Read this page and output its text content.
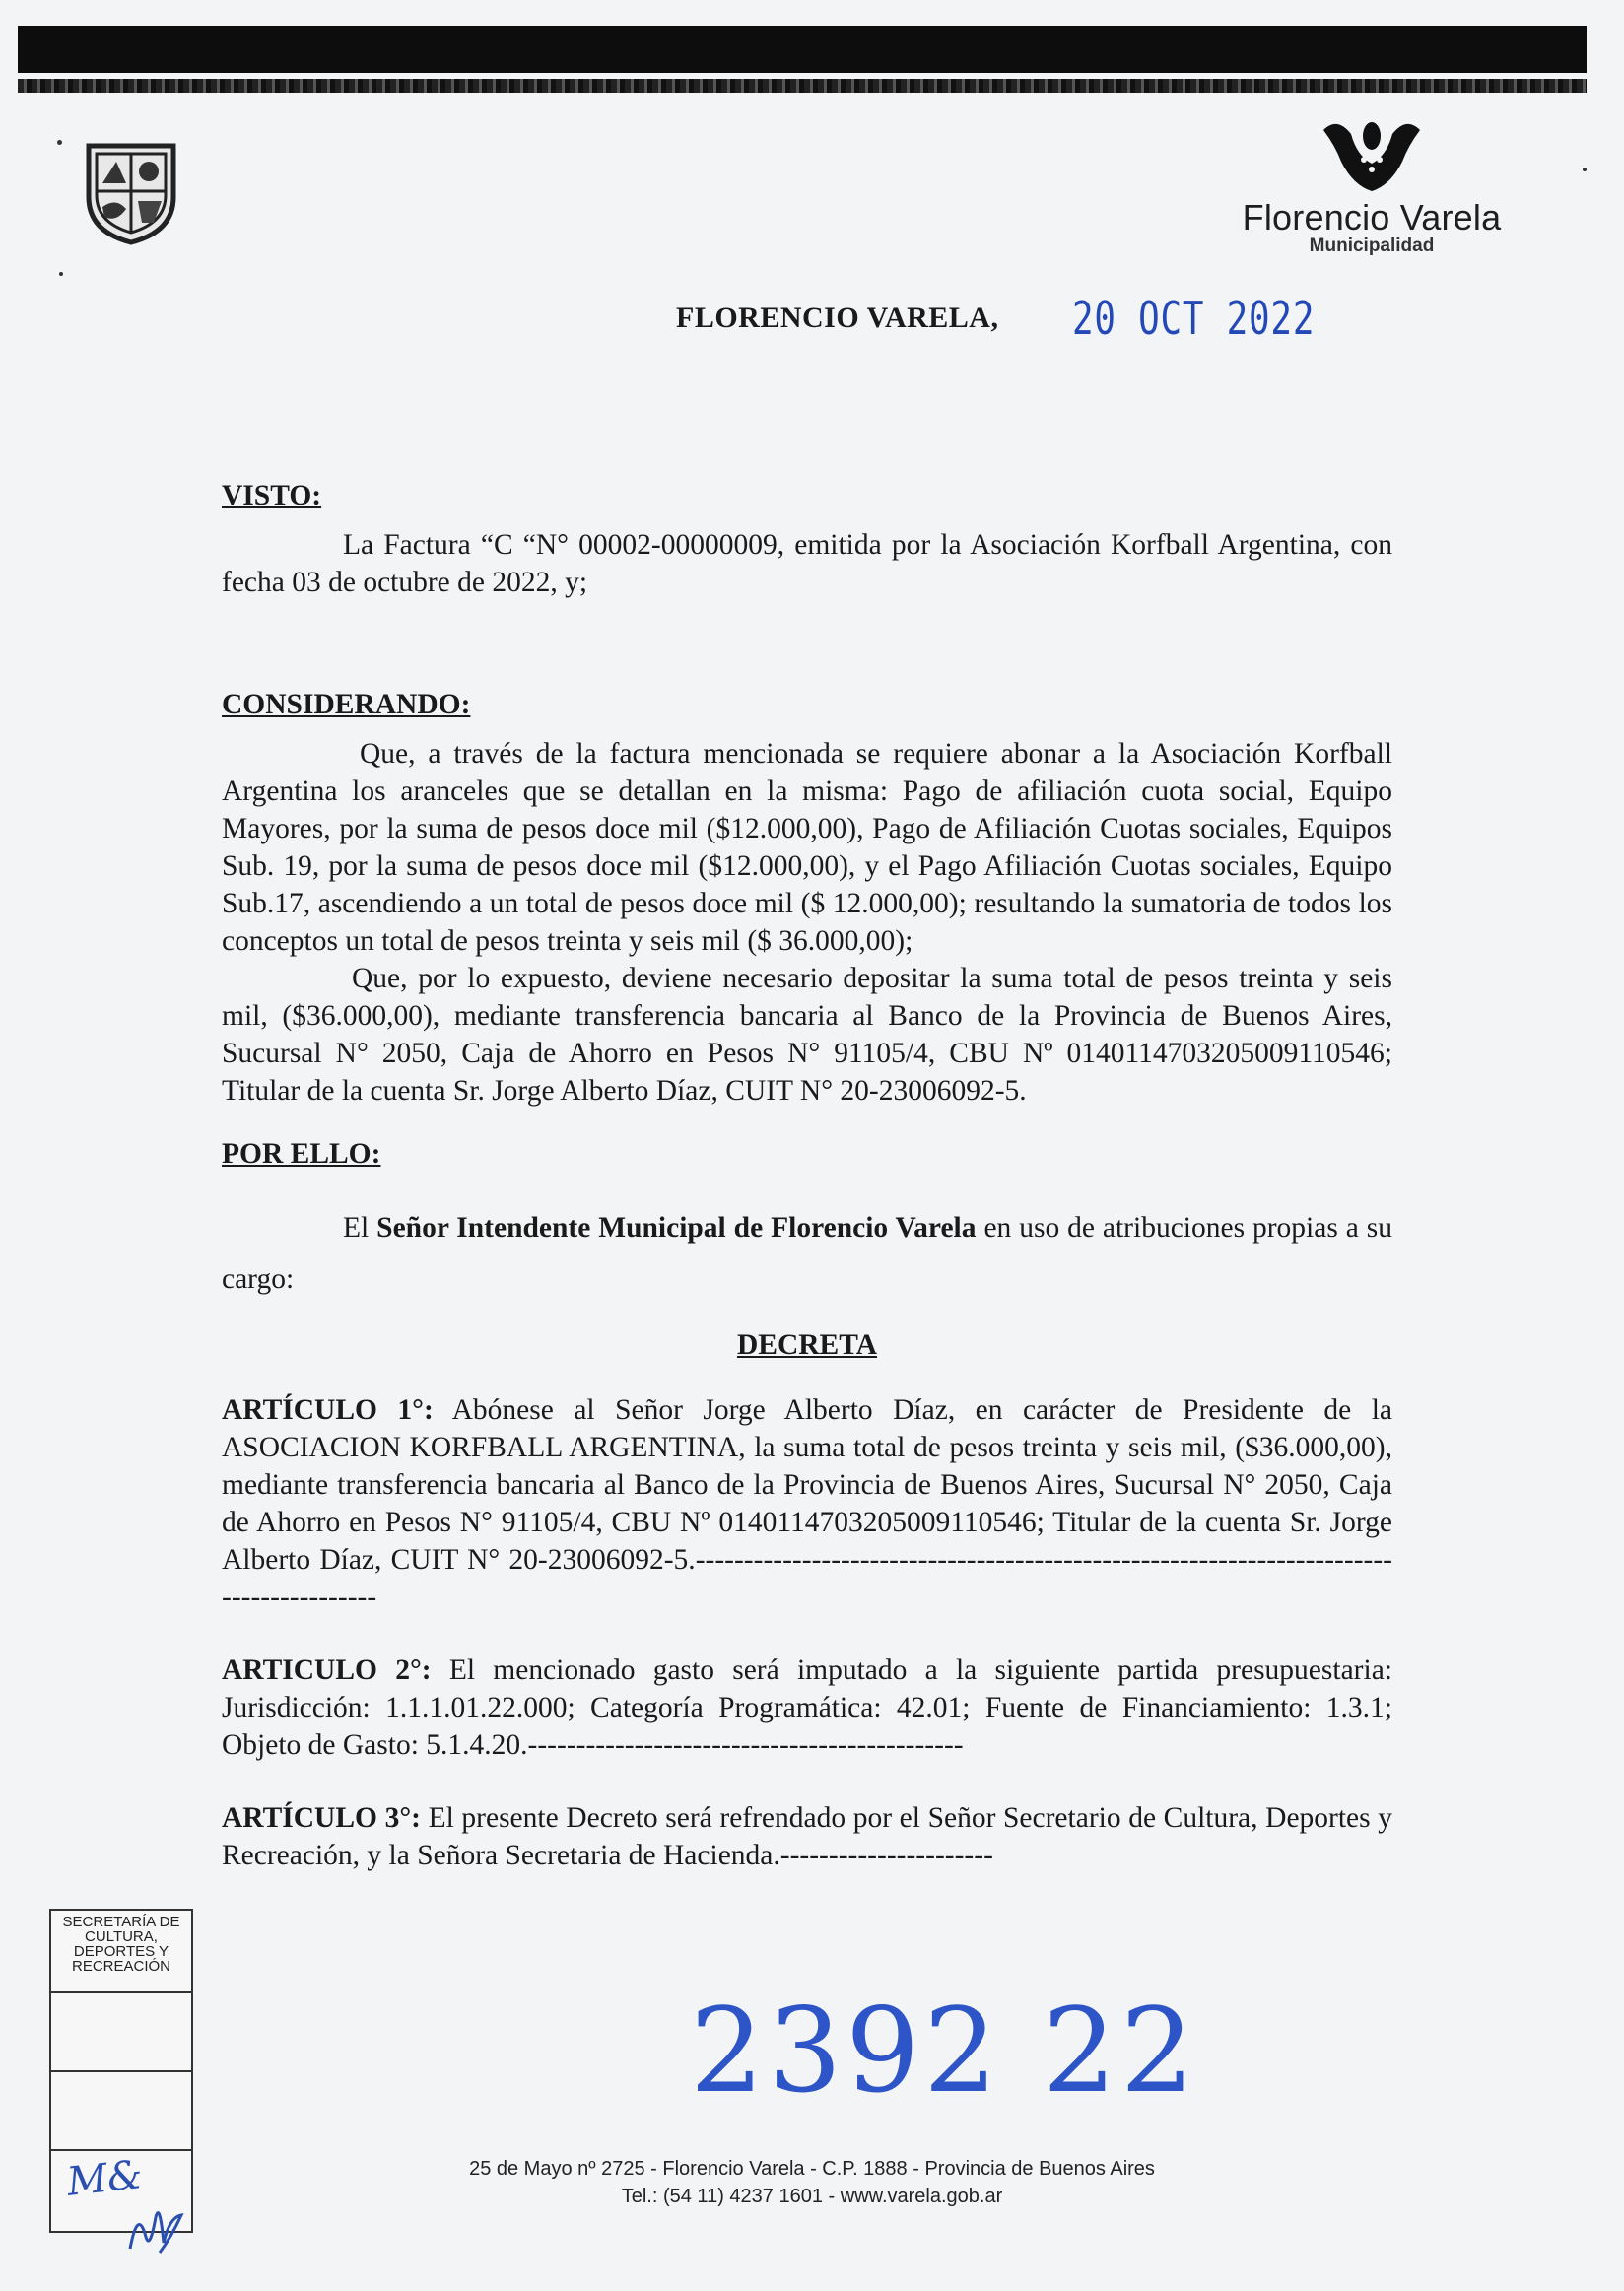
Florencio Varela
Municipalidad
FLORENCIO VARELA, 20 OCT 2022

VISTO:

La Factura “C “N° 00002-00000009, emitida por la Asociación Korfball Argentina, con fecha 03 de octubre de 2022, y;

CONSIDERANDO:

Que, a través de la factura mencionada se requiere abonar a la Asociación Korfball Argentina los aranceles que se detallan en la misma: Pago de afiliación cuota social, Equipo Mayores, por la suma de pesos doce mil ($12.000,00), Pago de Afiliación Cuotas sociales, Equipos Sub. 19, por la suma de pesos doce mil ($12.000,00), y el Pago Afiliación Cuotas sociales, Equipo Sub.17, ascendiendo a un total de pesos doce mil ($ 12.000,00); resultando la sumatoria de todos los conceptos un total de pesos treinta y seis mil ($ 36.000,00);

Que, por lo expuesto, deviene necesario depositar la suma total de pesos treinta y seis mil, ($36.000,00), mediante transferencia bancaria al Banco de la Provincia de Buenos Aires, Sucursal N° 2050, Caja de Ahorro en Pesos N° 91105/4, CBU Nº 0140114703205009110546; Titular de la cuenta Sr. Jorge Alberto Díaz, CUIT N° 20-23006092-5.

POR ELLO:

El Señor Intendente Municipal de Florencio Varela en uso de atribuciones propias a su cargo:

DECRETA

ARTÍCULO 1°: Abónese al Señor Jorge Alberto Díaz, en carácter de Presidente de la ASOCIACION KORFBALL ARGENTINA, la suma total de pesos treinta y seis mil, ($36.000,00), mediante transferencia bancaria al Banco de la Provincia de Buenos Aires, Sucursal N° 2050, Caja de Ahorro en Pesos N° 91105/4, CBU Nº 0140114703205009110546; Titular de la cuenta Sr. Jorge Alberto Díaz, CUIT N° 20-23006092-5.----------------------------------------------------------------------------------------

ARTICULO 2°: El mencionado gasto será imputado a la siguiente partida presupuestaria: Jurisdicción: 1.1.1.01.22.000; Categoría Programática: 42.01; Fuente de Financiamiento: 1.3.1; Objeto de Gasto: 5.1.4.20.---------------------------------------------

ARTÍCULO 3°: El presente Decreto será refrendado por el Señor Secretario de Cultura, Deportes y Recreación, y la Señora Secretaria de Hacienda.----------------------

SECRETARÍA DE CULTURA, DEPORTES Y RECREACIÓN
M&
2392 22
25 de Mayo nº 2725 - Florencio Varela - C.P. 1888 - Provincia de Buenos Aires
Tel.: (54 11) 4237 1601 - www.varela.gob.ar
